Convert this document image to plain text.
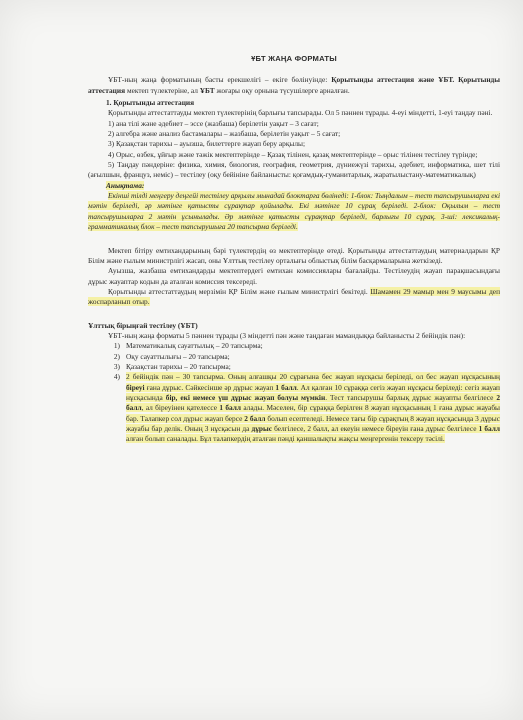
ҰБТ ЖАҢА ФОРМАТЫ

ҰБТ-ның жаңа форматының басты ерекшелігі – екіге бөлінуінде: Қорытынды аттестация және ҰБТ. Қорытынды аттестация мектеп түлектеріне, ал ҰБТ жоғары оқу орнына түсушілерге арналған.

1. Қорытынды аттестация

Қорытынды аттестаттауды мектеп түлектерінің барлығы тапсырады. Ол 5 пәннен тұрады. 4-еуі міндетті, 1-еуі таңдау пәні.

1) ана тілі және әдебиет – эссе (жазбаша) берілетін уақыт – 3 сағат;

2) алгебра және анализ бастамалары – жазбаша, берілетін уақыт – 5 сағат;

3) Қазақстан тарихы – ауызша, билеттерге жауап беру арқылы;

4) Орыс, өзбек, ұйғыр және тәжік мектептерінде – Қазақ тілінен, қазақ мектептерінде – орыс тілінен тестілеу түрінде;

5) Таңдау пәндеріне: физика, химия, биология, география, геометрия, дүниежүзі тарихы, әдебиет, информатика, шет тілі (ағылшын, француз, неміс) – тестілеу (оқу бейініне байланысты: қоғамдық-гуманитарлық, жаратылыстану-математикалық)

Анықтама:

Екінші тілді меңгеру деңгейі тестілеу арқылы мынадай блоктарға бөлінеді: 1-блок: Тыңдалым – тест тапсырушыларға екі мәтін беріледі, әр мәтінге қатысты сұрақтар қойылады. Екі мәтінге 10 сұрақ беріледі. 2-блок: Оқылым – тест тапсырушыларға 2 мәтін ұсынылады. Әр мәтінге қатысты сұрақтар беріледі, барлығы 10 сұрақ. 3-ші: лексикалық-грамматикалық блок – тест тапсырушыға 20 тапсырма беріледі.

Мектеп бітіру емтихандарының бәрі түлектердің өз мектептерінде өтеді. Қорытынды аттестаттаудың материалдарын ҚР Білім және ғылым министрлігі жасап, оны Ұлттық тестілеу орталығы облыстық білім басқармаларына жеткізеді.

Ауызша, жазбаша емтихандарды мектептердегі емтихан комиссиялары бағалайды. Тестілеудің жауап парақшасындағы дұрыс жауаптар кодын да аталған комиссия тексереді.

Қорытынды аттестаттаудың мерзімін ҚР Білім және ғылым министрлігі бекітеді. Шамамен 29 мамыр мен 9 маусымы деп жоспарланып отыр.

Ұлттық бірыңғай тестілеу (ҰБТ)

ҰБТ-ның жаңа форматы 5 пәннен тұрады (3 міндетті пән және таңдаған мамандыққа байланысты 2 бейіндік пән):

1) Математикалық сауаттылық – 20 тапсырма;
2) Оқу сауаттылығы – 20 тапсырма;
3) Қазақстан тарихы – 20 тапсырма;
4) 2 бейіндік пән – 30 тапсырма. Оның алғашқы 20 сұрағына бес жауап нұсқасы беріледі, ол бес жауап нұсқасының біреуі ғана дұрыс. Сәйкесінше әр дұрыс жауап 1 балл. Ал қалған 10 сұраққа сегіз жауап нұсқасы беріледі: сегіз жауап нұсқасында бір, екі немесе үш дұрыс жауап болуы мүмкін. Тест тапсырушы барлық дұрыс жауапты белгілесе 2 балл, ал біреуінен қателессе 1 балл алады. Мәселен, бір сұраққа берілген 8 жауап нұсқасының 1 ғана дұрыс жауабы бар. Талапкер сол дұрыс жауап берсе 2 балл болып есептеледі. Немесе тағы бір сұрақтың 8 жауап нұсқасында 3 дұрыс жауабы бар делік. Оның 3 нұсқасын да дұрыс белгілесе, 2 балл, ал екеуін немесе біреуін ғана дұрыс белгілесе 1 балл алған болып саналады. Бұл талапкердің аталған пәнді қаншалықты жақсы меңгергенін тексеру тәсілі.
